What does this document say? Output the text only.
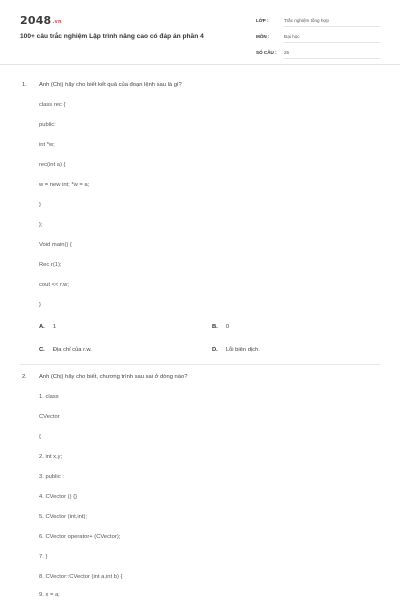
$2048^{.vn}$
100+ câu trắc nghiệm Lập trình nâng cao có đáp án phần 4
LỚP :	Trắc nghiệm tổng hợp
MÔN :	Đại học
SỐ CÂU : 25
1. Anh (Chị) hãy cho biết kết quả của đoạn lệnh sau là gì?
class rec {
public:
int *w;
rec(int a) {
w = new int; *w = a;
}
};
Void main() {
Rec r(1);
cout << r.w;
}
A. 1	B. 0
C. Địa chỉ của r.w.	D. Lỗi biên dịch.
2. Anh (Chị) hãy cho biết, chương trình sau sai ở dòng nào?
1. class
CVector
{
2. int x,y;
3. public :
4. CVector () {}
5. CVector (int,int);
6. CVector operator+ (CVector);
7. }
8. CVector::CVector (int a,int b) {
9. x = a;
